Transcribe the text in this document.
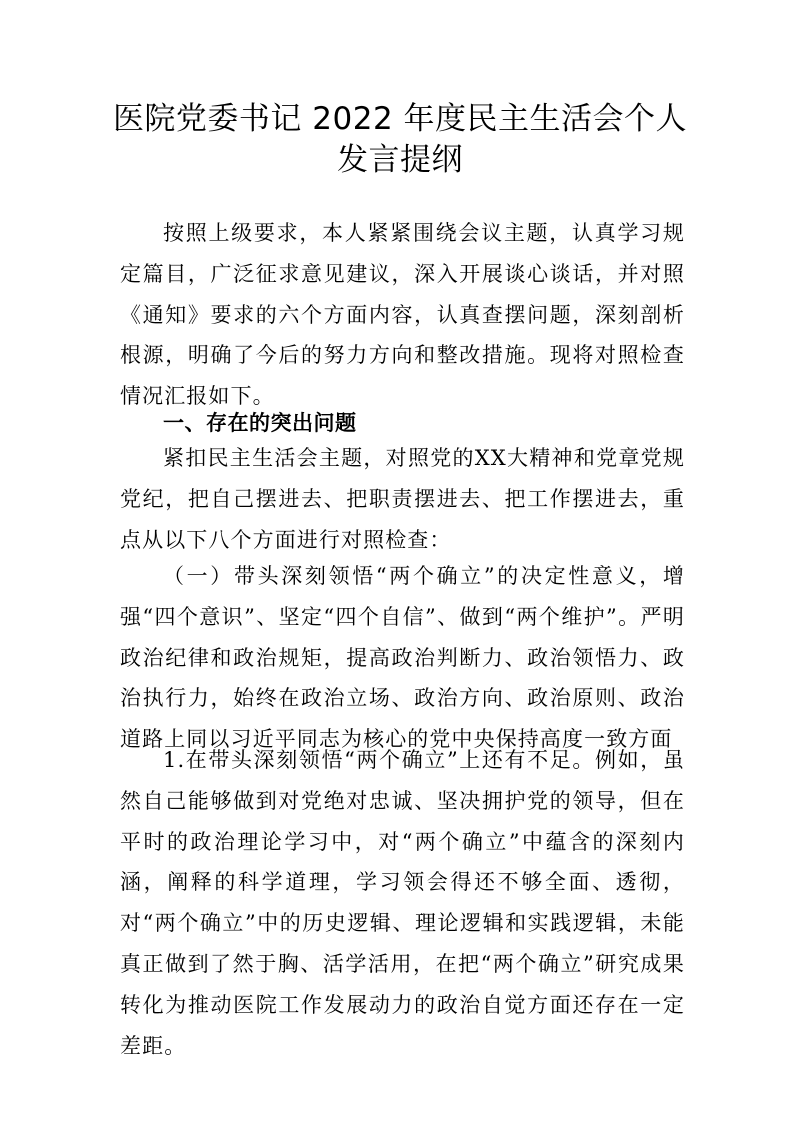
医院党委书记 2022 年度民主生活会个人
发言提纲

按照上级要求，本人紧紧围绕会议主题，认真学习规定篇目，广泛征求意见建议，深入开展谈心谈话，并对照《通知》要求的六个方面内容，认真查摆问题，深刻剖析根源，明确了今后的努力方向和整改措施。现将对照检查情况汇报如下。

一、存在的突出问题

紧扣民主生活会主题，对照党的XX大精神和党章党规党纪，把自己摆进去、把职责摆进去、把工作摆进去，重点从以下八个方面进行对照检查：

（一）带头深刻领悟“两个确立”的决定性意义，增强“四个意识”、坚定“四个自信”、做到“两个维护”。严明政治纪律和政治规矩，提高政治判断力、政治领悟力、政治执行力，始终在政治立场、政治方向、政治原则、政治道路上同以习近平同志为核心的党中央保持高度一致方面

1.在带头深刻领悟“两个确立”上还有不足。例如，虽然自己能够做到对党绝对忠诚、坚决拥护党的领导，但在平时的政治理论学习中，对“两个确立”中蕴含的深刻内涵，阐释的科学道理，学习领会得还不够全面、透彻，对“两个确立”中的历史逻辑、理论逻辑和实践逻辑，未能真正做到了然于胸、活学活用，在把“两个确立”研究成果转化为推动医院工作发展动力的政治自觉方面还存在一定差距。
